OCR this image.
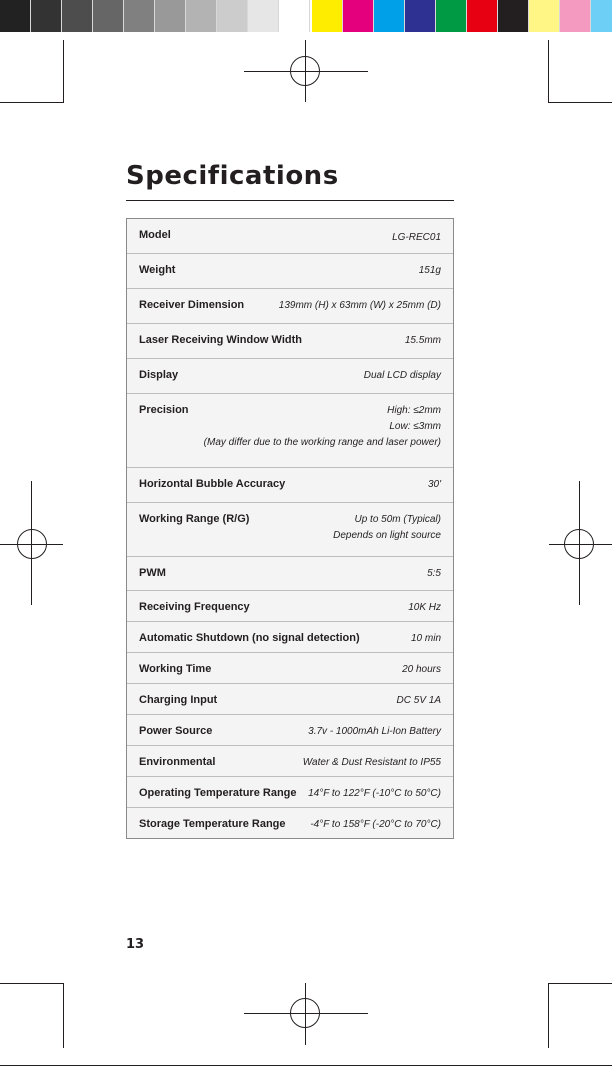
Specifications
Model	LG-REC01
Weight	151g
Receiver Dimension	139mm (H) x 63mm (W) x 25mm (D)
Laser Receiving Window Width	15.5mm
Display	Dual LCD display
Precision	High: ≤2mm
Low: ≤3mm
(May differ due to the working range and laser power)
Horizontal Bubble Accuracy	30'
Working Range (R/G)	Up to 50m (Typical)
Depends on light source
PWM	5:5
Receiving Frequency	10K Hz
Automatic Shutdown (no signal detection)	10 min
Working Time	20 hours
Charging Input	DC 5V 1A
Power Source	3.7v - 1000mAh Li-Ion Battery
Environmental	Water & Dust Resistant to IP55
Operating Temperature Range 14°F to 122°F (-10°C to 50°C)
Storage Temperature Range -4°F to 158°F (-20°C to 70°C)
13
